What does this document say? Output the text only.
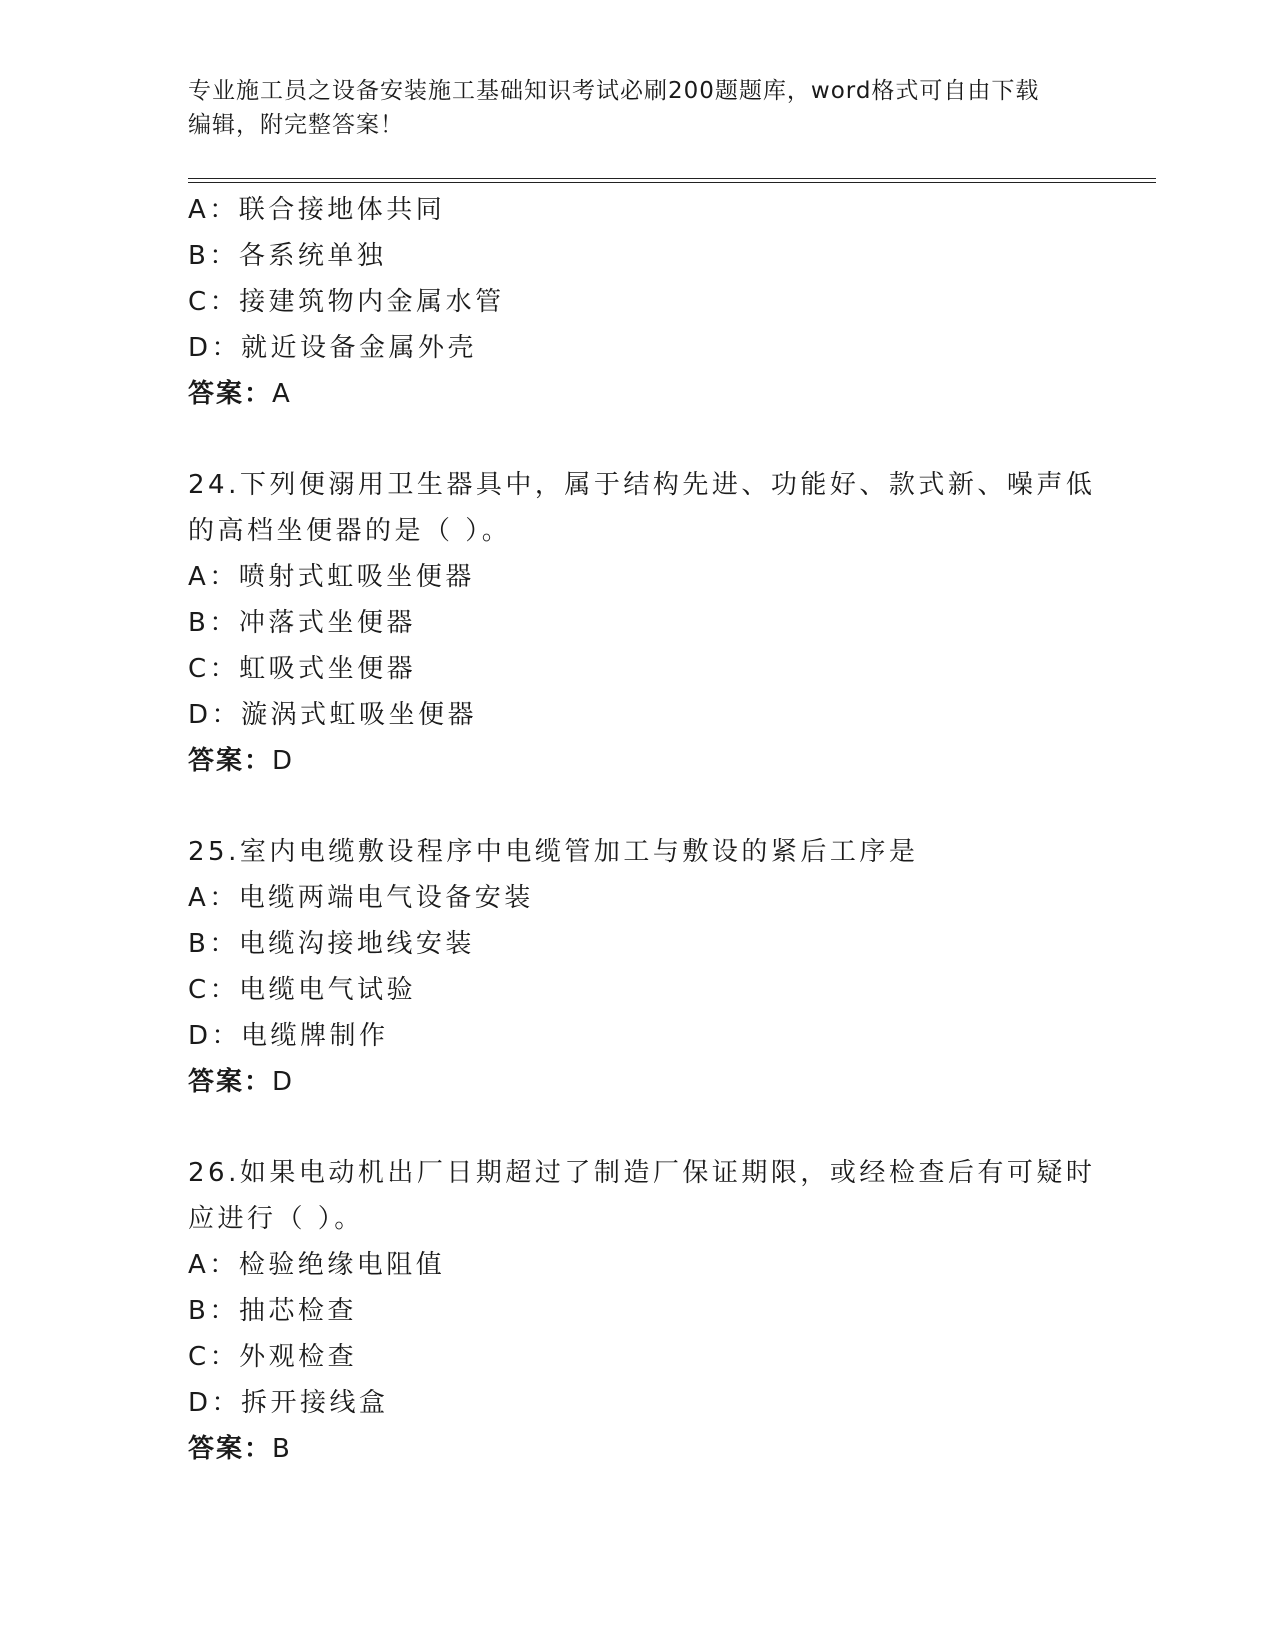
专业施工员之设备安装施工基础知识考试必刷200题题库，word格式可自由下载
编辑，附完整答案！
A：联合接地体共同
B：各系统单独
C：接建筑物内金属水管
D：就近设备金属外壳
答案：A
24.下列便溺用卫生器具中，属于结构先进、功能好、款式新、噪声低
的高档坐便器的是（ ）。
A：喷射式虹吸坐便器
B：冲落式坐便器
C：虹吸式坐便器
D：漩涡式虹吸坐便器
答案：D
25.室内电缆敷设程序中电缆管加工与敷设的紧后工序是
A：电缆两端电气设备安装
B：电缆沟接地线安装
C：电缆电气试验
D：电缆牌制作
答案：D
26.如果电动机出厂日期超过了制造厂保证期限，或经检查后有可疑时
应进行（ ）。
A：检验绝缘电阻值
B：抽芯检查
C：外观检查
D：拆开接线盒
答案：B
